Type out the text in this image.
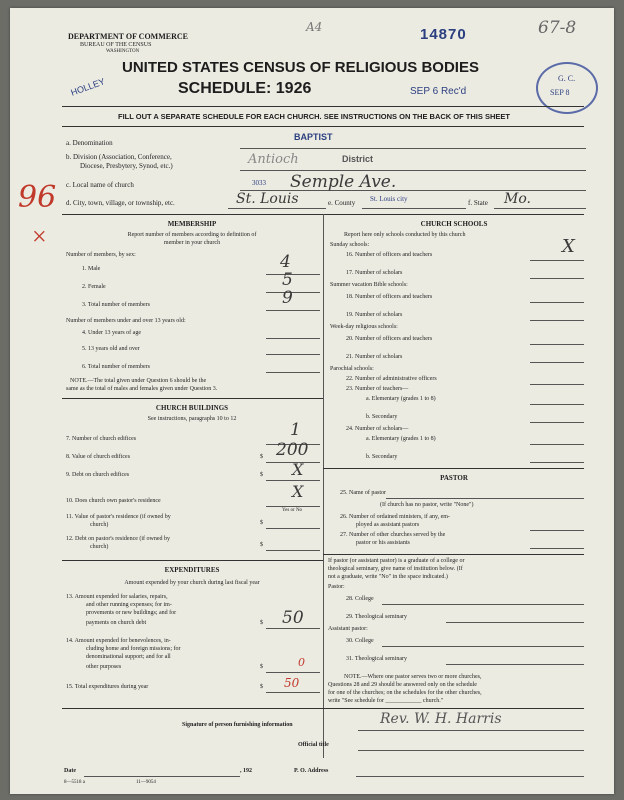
DEPARTMENT OF COMMERCE
BUREAU OF THE CENSUS
WASHINGTON
14870
A4	67-8
UNITED STATES CENSUS OF RELIGIOUS BODIES
SCHEDULE: 1926	SEP 6 Rec'd
HOLLEY	G. C.
SEP 8
FILL OUT A SEPARATE SCHEDULE FOR EACH CHURCH. SEE INSTRUCTIONS ON THE BACK OF THIS SHEET
96
×
a. Denomination
BAPTIST
b. Division (Association, Conference,
Diocese, Presbytery, Synod, etc.)	Antioch	District
c. Local name of church	3033 Semple Ave.
d. City, town, village, or township, etc.	St. Louis	e. County St. Louis city	f. State Mo.
MEMBERSHIP
Report number of members according to definition of
member in your church
Number of members, by sex:
1. Male	4
2. Female	5
3. Total number of members	9
Number of members under and over 13 years old:
4. Under 13 years of age
5. 13 years old and over
6. Total number of members
NOTE.—The total given under Question 6 should be the
same as the total of males and females given under Question 3.
CHURCH BUILDINGS
See instructions, paragraphs 10 to 12
7. Number of church edifices	1
8. Value of church edifices	$ 200
9. Debt on church edifices	$ X
10. Does church own pastor's residence	X
Yes or No
11. Value of pastor's residence (if owned by
church)	$
12. Debt on pastor's residence (if owned by
church)	$
EXPENDITURES
Amount expended by your church during last fiscal year
13. Amount expended for salaries, repairs,
and other running expenses; for im-
provements or new buildings; and for
payments on church debt	$ 50
14. Amount expended for benevolences, in-
cluding home and foreign missions; for
denominational support; and for all
other purposes	$	0
15. Total expenditures during year	$ 50
CHURCH SCHOOLS
Report here only schools conducted by this church
Sunday schools:
16. Number of officers and teachers	X
17. Number of scholars
Summer vacation Bible schools:
18. Number of officers and teachers
19. Number of scholars
Week-day religious schools:
20. Number of officers and teachers
21. Number of scholars
Parochial schools:
22. Number of administrative officers
23. Number of teachers—
a. Elementary (grades 1 to 8)
b. Secondary
24. Number of scholars—
a. Elementary (grades 1 to 8)
b. Secondary
PASTOR
25. Name of pastor
(If church has no pastor, write "None")
26. Number of ordained ministers, if any, em-
ployed as assistant pastors
27. Number of other churches served by the
pastor or his assistants
If pastor (or assistant pastor) is a graduate of a college or
theological seminary, give name of institution below. (If
not a graduate, write "No" in the space indicated.)
Pastor:
28. College
29. Theological seminary
Assistant pastor:
30. College
31. Theological seminary
NOTE.—Where one pastor serves two or more churches,
Questions 28 and 29 should be answered only on the schedule
for one of the churches; on the schedules for the other churches,
write "See schedule for ____________ church."
Signature of person furnishing information	Rev. W. H. Harris
Official title
Date	, 192	P. O. Address
8—5518 a	11—9054
